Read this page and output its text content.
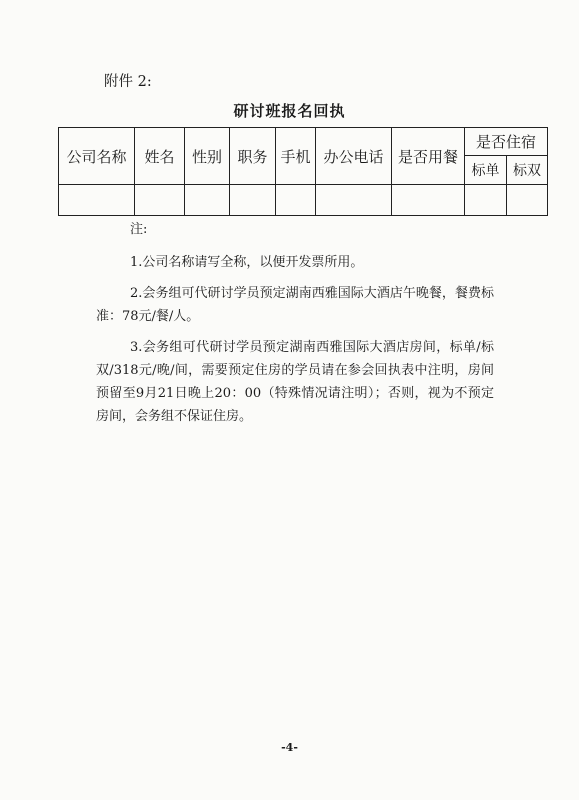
附件 2:
研讨班报名回执
公司名称	姓名	性别	职务	手机	办公电话	是否用餐	是否住宿	
							标单	标双

注:

1.公司名称请写全称，以便开发票所用。

2.会务组可代研讨学员预定湖南西雅国际大酒店午晚餐，餐费标准：78元/餐/人。

3.会务组可代研讨学员预定湖南西雅国际大酒店房间，标单/标双/318元/晚/间，需要预定住房的学员请在参会回执表中注明，房间预留至9月21日晚上20：00（特殊情况请注明）；否则，视为不预定房间，会务组不保证住房。

-4-
